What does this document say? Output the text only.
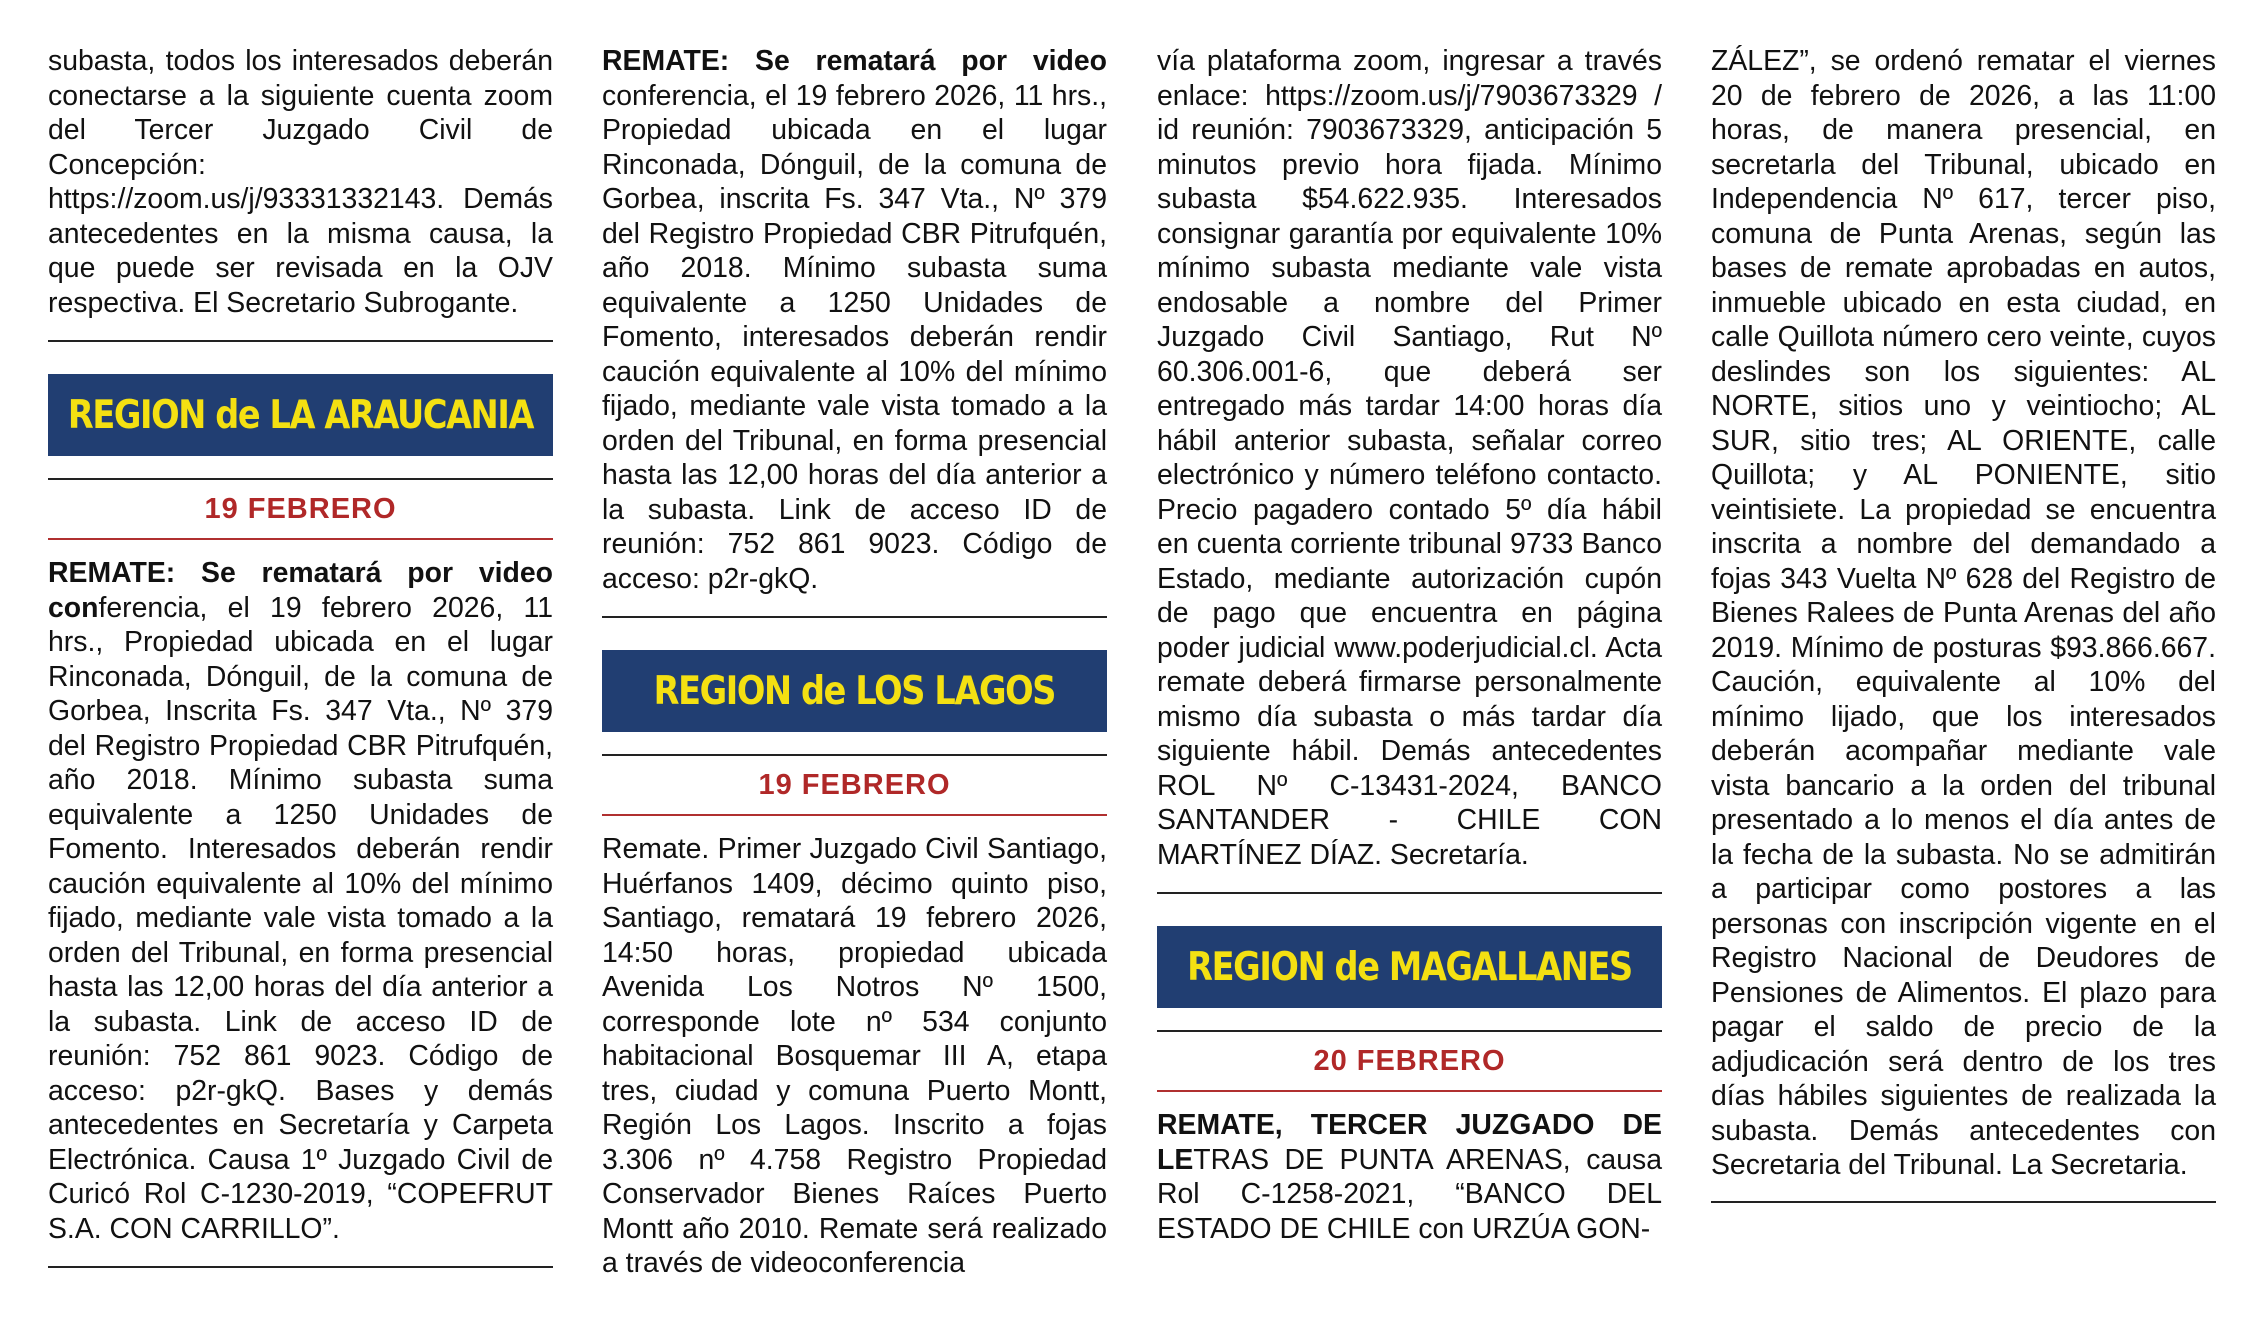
subasta, todos los interesados deberán conectarse a la siguiente cuenta zoom del Tercer Juzgado Civil de Concepción: https://zoom.us/j/93331332143. Demás antecedentes en la misma causa, la que puede ser revisada en la OJV respectiva. El Secretario Subrogante.

REGION de LA ARAUCANIA
19 FEBRERO

REMATE: Se rematará por video conferencia, el 19 febrero 2026, 11 hrs., Propiedad ubicada en el lugar Rinconada, Dónguil, de la comuna de Gorbea, Inscrita Fs. 347 Vta., Nº 379 del Registro Propiedad CBR Pitrufquén, año 2018. Mínimo subasta suma equivalente a 1250 Unidades de Fomento. Interesados deberán rendir caución equivalente al 10% del mínimo fijado, mediante vale vista tomado a la orden del Tribunal, en forma presencial hasta las 12,00 horas del día anterior a la subasta. Link de acceso ID de reunión: 752 861 9023. Código de acceso: p2r-gkQ. Bases y demás antecedentes en Secretaría y Carpeta Electrónica. Causa 1º Juzgado Civil de Curicó Rol C-1230-2019, “COPEFRUT S.A. CON CARRILLO”.

REMATE: Se rematará por video conferencia, el 19 febrero 2026, 11 hrs., Propiedad ubicada en el lugar Rinconada, Dónguil, de la comuna de Gorbea, inscrita Fs. 347 Vta., Nº 379 del Registro Propiedad CBR Pitrufquén, año 2018. Mínimo subasta suma equivalente a 1250 Unidades de Fomento, interesados deberán rendir caución equivalente al 10% del mínimo fijado, mediante vale vista tomado a la orden del Tribunal, en forma presencial hasta las 12,00 horas del día anterior a la subasta. Link de acceso ID de reunión: 752 861 9023. Código de acceso: p2r-gkQ.

REGION de LOS LAGOS
19 FEBRERO

Remate. Primer Juzgado Civil Santiago, Huérfanos 1409, décimo quinto piso, Santiago, rematará 19 febrero 2026, 14:50 horas, propiedad ubicada Avenida Los Notros Nº 1500, corresponde lote nº 534 conjunto habitacional Bosquemar III A, etapa tres, ciudad y comuna Puerto Montt, Región Los Lagos. Inscrito a fojas 3.306 nº 4.758 Registro Propiedad Conservador Bienes Raíces Puerto Montt año 2010. Remate será realizado a través de videoconferencia

vía plataforma zoom, ingresar a través enlace: https://zoom.us/j/7903673329 / id reunión: 7903673329, anticipación 5 minutos previo hora fijada. Mínimo subasta $54.622.935. Interesados consignar garantía por equivalente 10% mínimo subasta mediante vale vista endosable a nombre del Primer Juzgado Civil Santiago, Rut Nº 60.306.001-6, que deberá ser entregado más tardar 14:00 horas día hábil anterior subasta, señalar correo electrónico y número teléfono contacto. Precio pagadero contado 5º día hábil en cuenta corriente tribunal 9733 Banco Estado, mediante autorización cupón de pago que encuentra en página poder judicial www.poderjudicial.cl. Acta remate deberá firmarse personalmente mismo día subasta o más tardar día siguiente hábil. Demás antecedentes ROL Nº C-13431-2024, BANCO SANTANDER - CHILE CON MARTÍNEZ DÍAZ. Secretaría.

REGION de MAGALLANES
20 FEBRERO

REMATE, TERCER JUZGADO DE LETRAS DE PUNTA ARENAS, causa Rol C-1258-2021, “BANCO DEL ESTADO DE CHILE con URZÚA GON-

ZÁLEZ”, se ordenó rematar el viernes 20 de febrero de 2026, a las 11:00 horas, de manera presencial, en secretarla del Tribunal, ubicado en Independencia Nº 617, tercer piso, comuna de Punta Arenas, según las bases de remate aprobadas en autos, inmueble ubicado en esta ciudad, en calle Quillota número cero veinte, cuyos deslindes son los siguientes: AL NORTE, sitios uno y veintiocho; AL SUR, sitio tres; AL ORIENTE, calle Quillota; y AL PONIENTE, sitio veintisiete. La propiedad se encuentra inscrita a nombre del demandado a fojas 343 Vuelta Nº 628 del Registro de Bienes Ralees de Punta Arenas del año 2019. Mínimo de posturas $93.866.667. Caución, equivalente al 10% del mínimo lijado, que los interesados deberán acompañar mediante vale vista bancario a la orden del tribunal presentado a lo menos el día antes de la fecha de la subasta. No se admitirán a participar como postores a las personas con inscripción vigente en el Registro Nacional de Deudores de Pensiones de Alimentos. El plazo para pagar el saldo de precio de la adjudicación será dentro de los tres días hábiles siguientes de realizada la subasta. Demás antecedentes con Secretaria del Tribunal. La Secretaria.
